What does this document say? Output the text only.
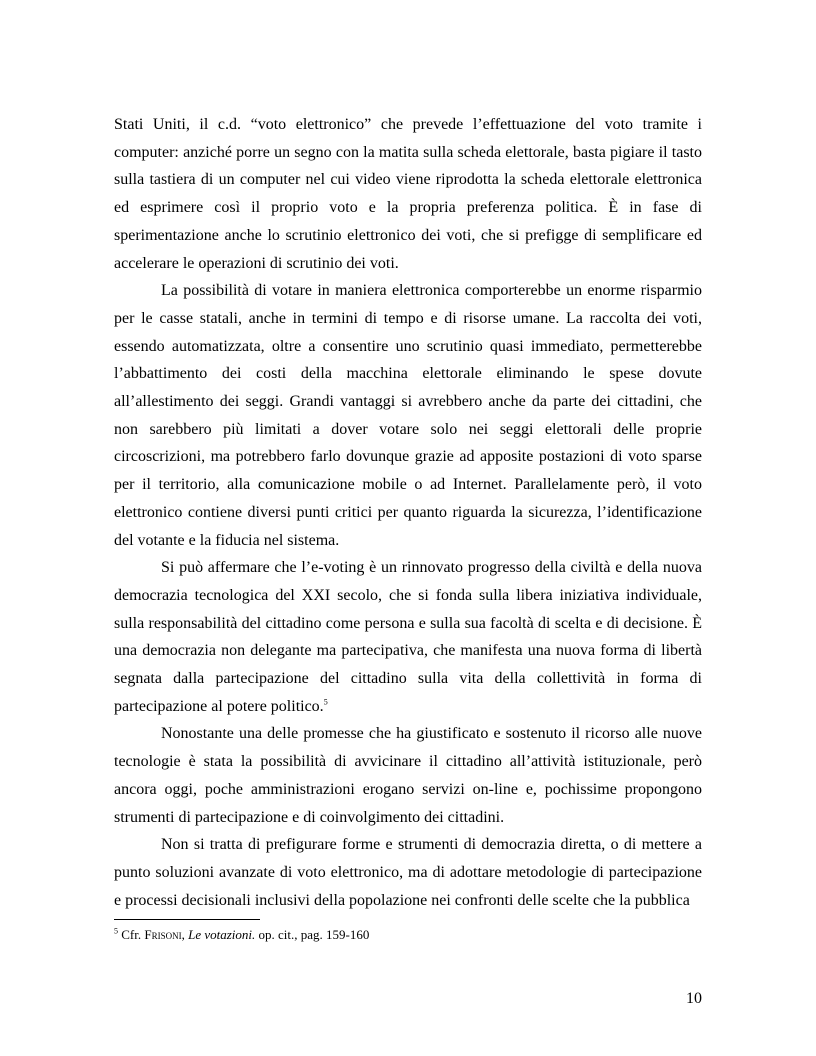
Stati Uniti, il c.d. “voto elettronico” che prevede l’effettuazione del voto tramite i computer: anziché porre un segno con la matita sulla scheda elettorale, basta pigiare il tasto sulla tastiera di un computer nel cui video viene riprodotta la scheda elettorale elettronica ed esprimere così il proprio voto e la propria preferenza politica. È in fase di sperimentazione anche lo scrutinio elettronico dei voti, che si prefigge di semplificare ed accelerare le operazioni di scrutinio dei voti.

La possibilità di votare in maniera elettronica comporterebbe un enorme risparmio per le casse statali, anche in termini di tempo e di risorse umane. La raccolta dei voti, essendo automatizzata, oltre a consentire uno scrutinio quasi immediato, permetterebbe l’abbattimento dei costi della macchina elettorale eliminando le spese dovute all’allestimento dei seggi. Grandi vantaggi si avrebbero anche da parte dei cittadini, che non sarebbero più limitati a dover votare solo nei seggi elettorali delle proprie circoscrizioni, ma potrebbero farlo dovunque grazie ad apposite postazioni di voto sparse per il territorio, alla comunicazione mobile o ad Internet. Parallelamente però, il voto elettronico contiene diversi punti critici per quanto riguarda la sicurezza, l’identificazione del votante e la fiducia nel sistema.

Si può affermare che l’e-voting è un rinnovato progresso della civiltà e della nuova democrazia tecnologica del XXI secolo, che si fonda sulla libera iniziativa individuale, sulla responsabilità del cittadino come persona e sulla sua facoltà di scelta e di decisione. È una democrazia non delegante ma partecipativa, che manifesta una nuova forma di libertà segnata dalla partecipazione del cittadino sulla vita della collettività in forma di partecipazione al potere politico.$^5$

Nonostante una delle promesse che ha giustificato e sostenuto il ricorso alle nuove tecnologie è stata la possibilità di avvicinare il cittadino all’attività istituzionale, però ancora oggi, poche amministrazioni erogano servizi on-line e, pochissime propongono strumenti di partecipazione e di coinvolgimento dei cittadini.

Non si tratta di prefigurare forme e strumenti di democrazia diretta, o di mettere a punto soluzioni avanzate di voto elettronico, ma di adottare metodologie di partecipazione e processi decisionali inclusivi della popolazione nei confronti delle scelte che la pubblica

$^5$ Cfr. Frisoni, Le votazioni. op. cit., pag. 159-160
10
